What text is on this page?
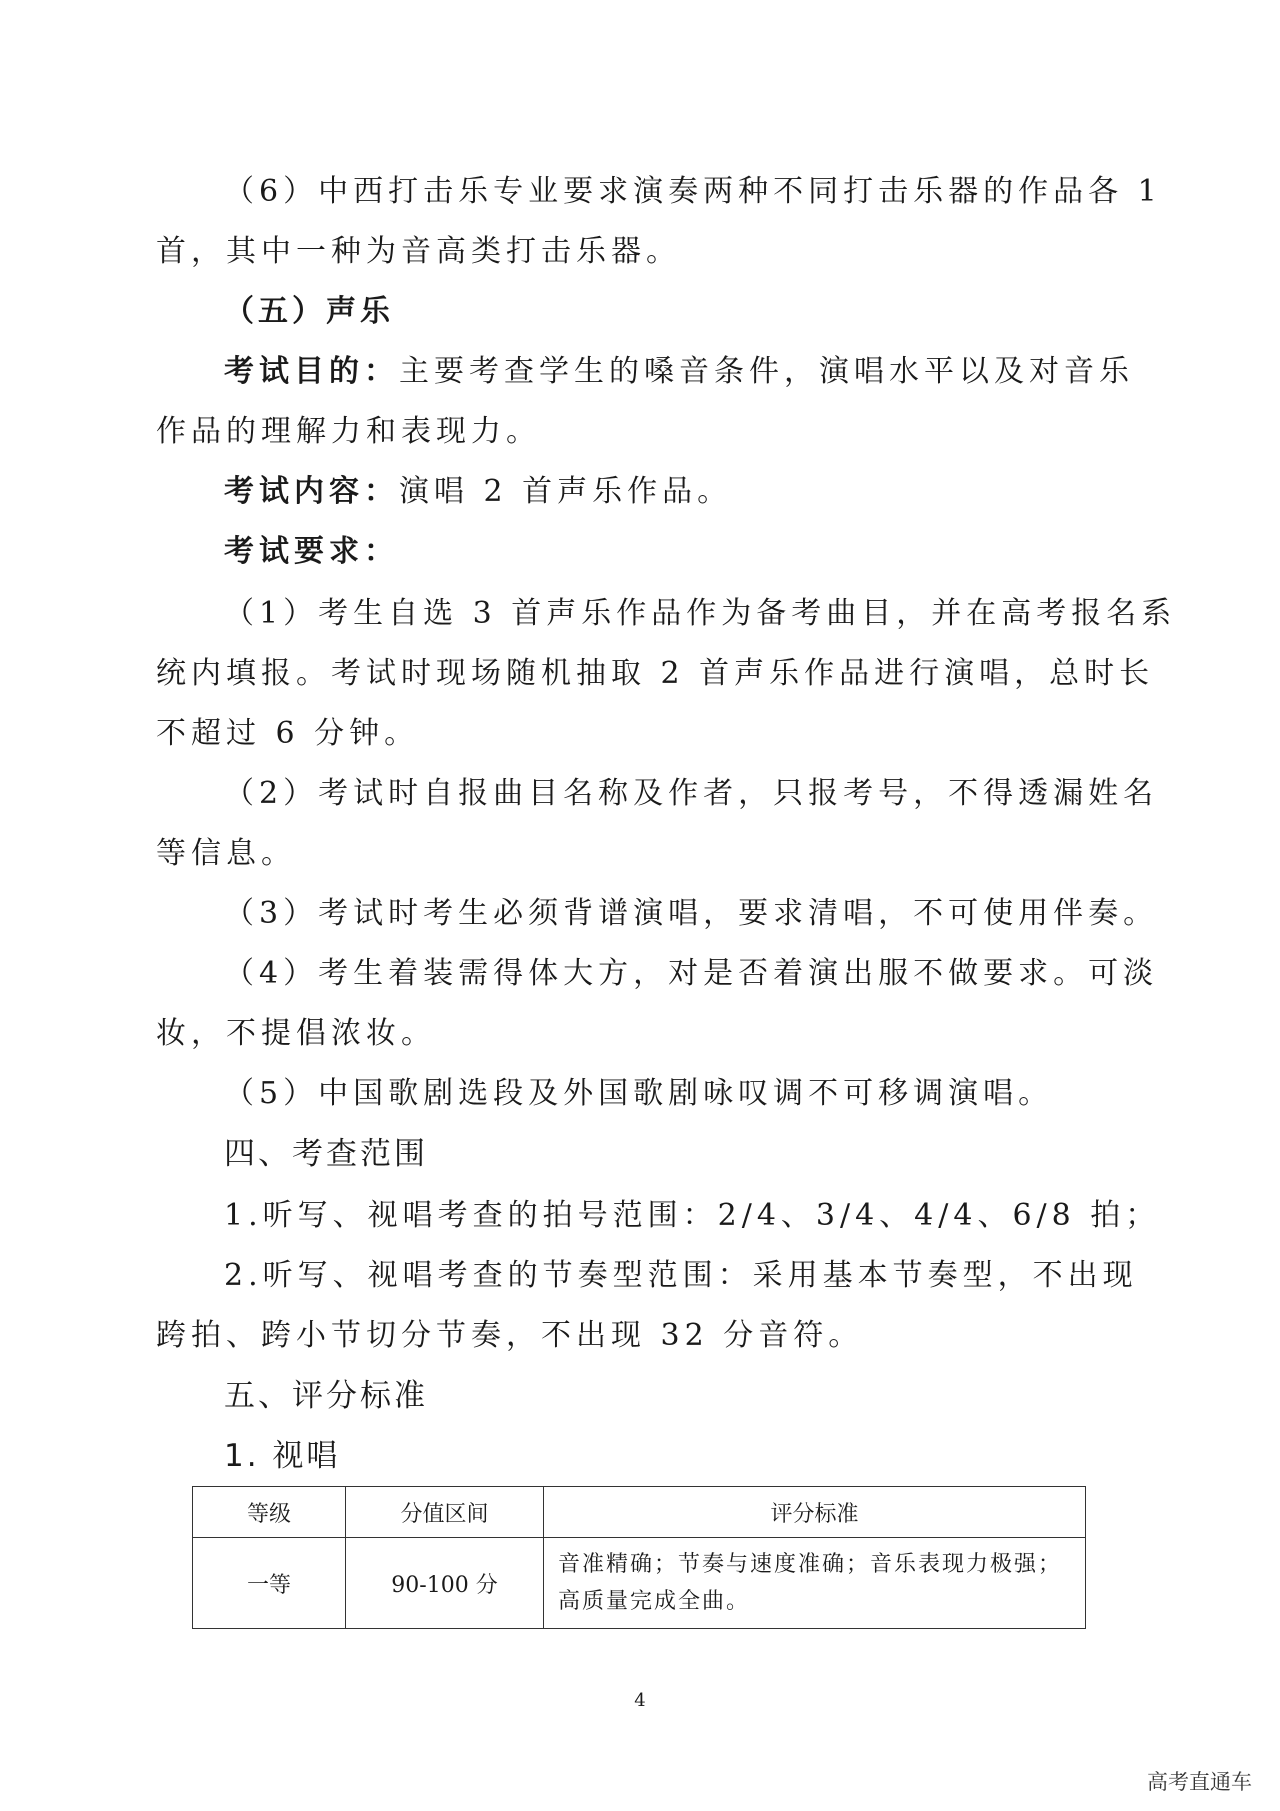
（6）中西打击乐专业要求演奏两种不同打击乐器的作品各 1
首，其中一种为音高类打击乐器。
（五）声乐
考试目的：主要考查学生的嗓音条件，演唱水平以及对音乐
作品的理解力和表现力。
考试内容：演唱 2 首声乐作品。
考试要求：
（1）考生自选 3 首声乐作品作为备考曲目，并在高考报名系
统内填报。考试时现场随机抽取 2 首声乐作品进行演唱，总时长
不超过 6 分钟。
（2）考试时自报曲目名称及作者，只报考号，不得透漏姓名
等信息。
（3）考试时考生必须背谱演唱，要求清唱，不可使用伴奏。
（4）考生着装需得体大方，对是否着演出服不做要求。可淡
妆，不提倡浓妆。
（5）中国歌剧选段及外国歌剧咏叹调不可移调演唱。
四、考查范围
1.听写、视唱考查的拍号范围：2/4、3/4、4/4、6/8 拍；
2.听写、视唱考查的节奏型范围：采用基本节奏型，不出现
跨拍、跨小节切分节奏，不出现 32 分音符。
五、评分标准
1. 视唱
等级	分值区间	评分标准
一等	90-100 分	音准精确；节奏与速度准确；音乐表现力极强；
高质量完成全曲。
4
高考直通车
